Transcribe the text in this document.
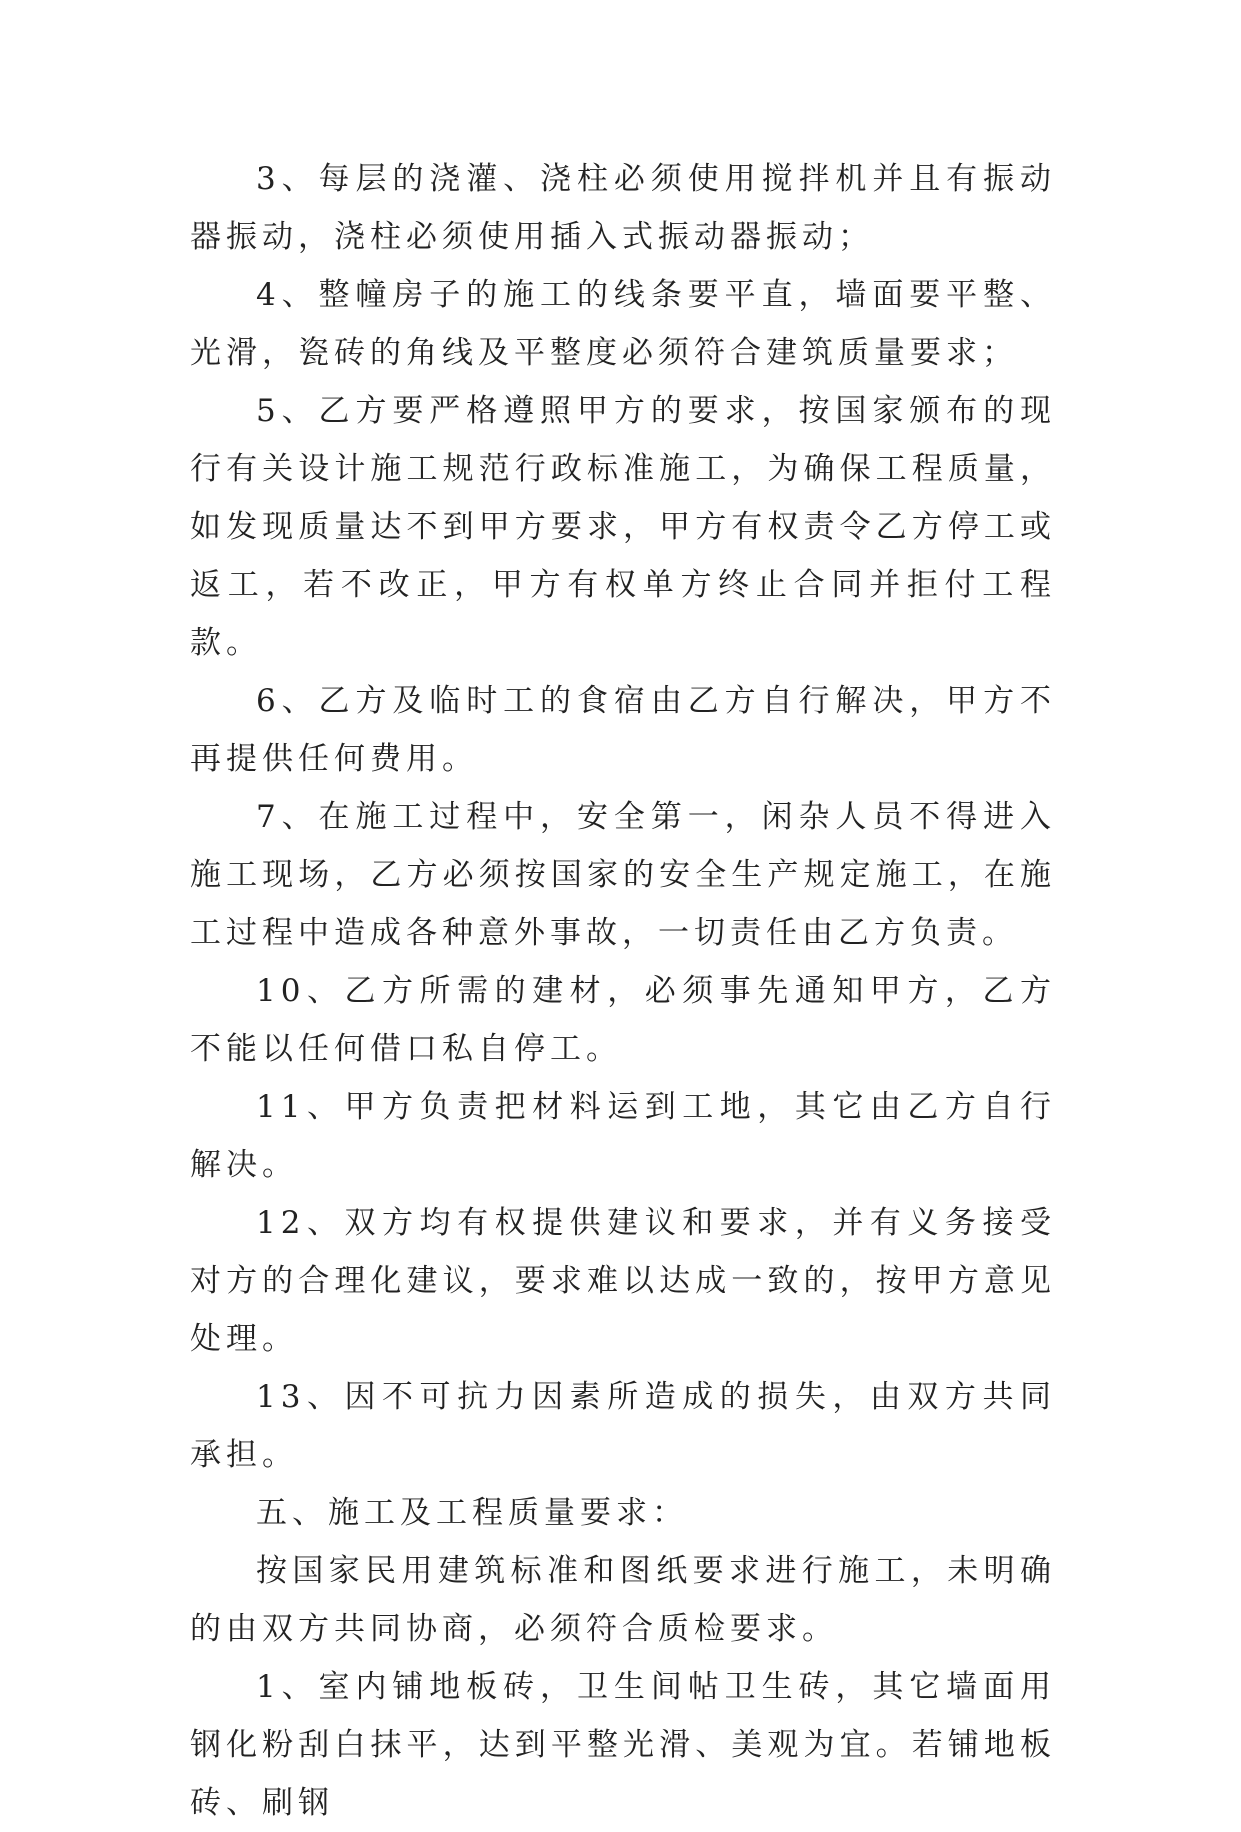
3、每层的浇灌、浇柱必须使用搅拌机并且有振动器振动，浇柱必须使用插入式振动器振动；

4、整幢房子的施工的线条要平直，墙面要平整、光滑，瓷砖的角线及平整度必须符合建筑质量要求；

5、乙方要严格遵照甲方的要求，按国家颁布的现行有关设计施工规范行政标准施工，为确保工程质量，如发现质量达不到甲方要求，甲方有权责令乙方停工或返工，若不改正，甲方有权单方终止合同并拒付工程款。

6、乙方及临时工的食宿由乙方自行解决，甲方不再提供任何费用。

7、在施工过程中，安全第一，闲杂人员不得进入施工现场，乙方必须按国家的安全生产规定施工，在施工过程中造成各种意外事故，一切责任由乙方负责。

10、乙方所需的建材，必须事先通知甲方，乙方不能以任何借口私自停工。

11、甲方负责把材料运到工地，其它由乙方自行解决。

12、双方均有权提供建议和要求，并有义务接受对方的合理化建议，要求难以达成一致的，按甲方意见处理。

13、因不可抗力因素所造成的损失，由双方共同承担。

五、施工及工程质量要求：

按国家民用建筑标准和图纸要求进行施工，未明确的由双方共同协商，必须符合质检要求。

1、室内铺地板砖，卫生间帖卫生砖，其它墙面用钢化粉刮白抹平，达到平整光滑、美观为宜。若铺地板砖、刷钢
